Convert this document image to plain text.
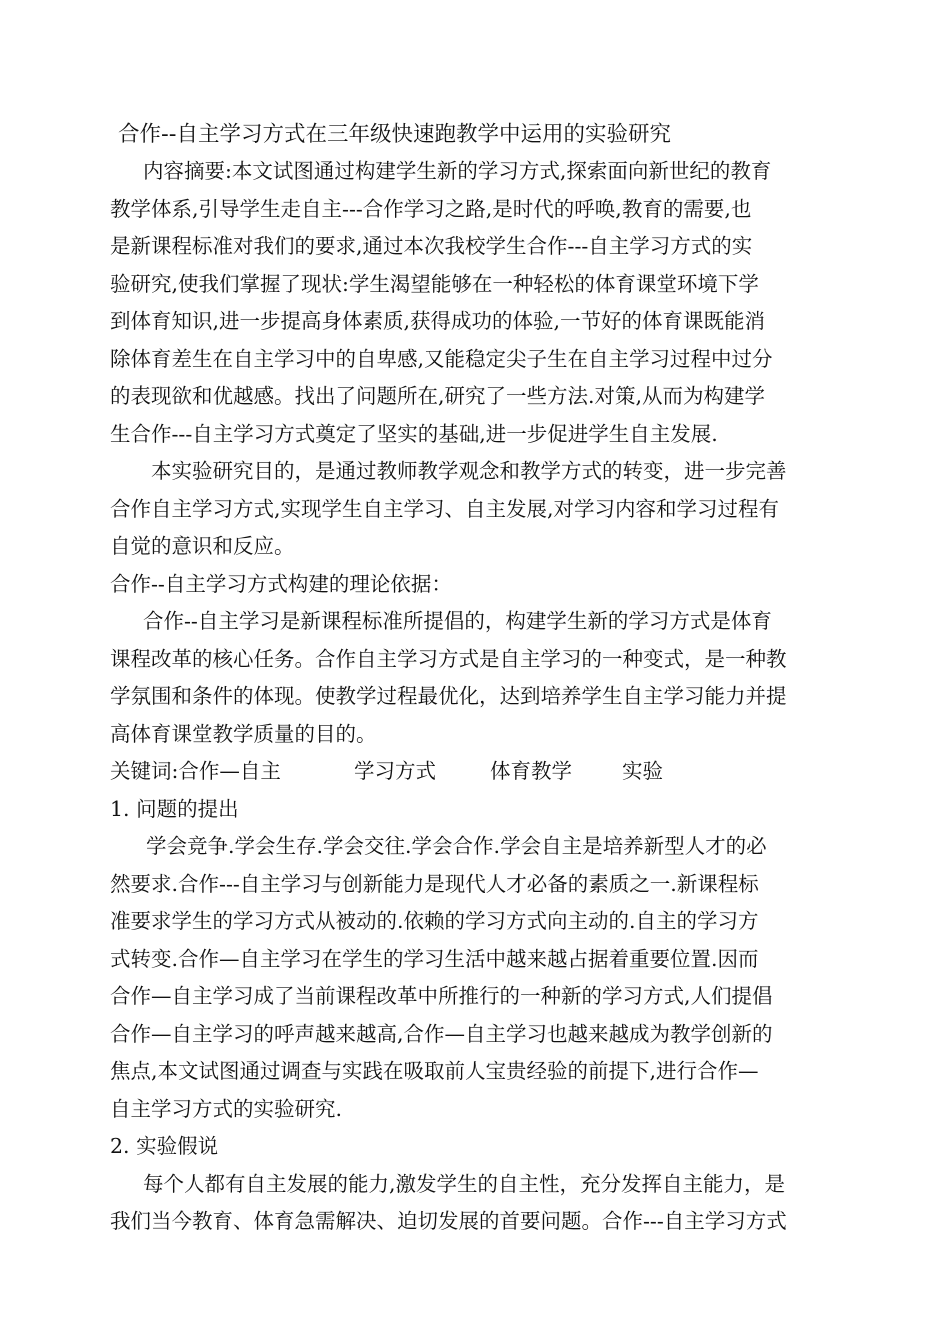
合作--自主学习方式在三年级快速跑教学中运用的实验研究
内容摘要:本文试图通过构建学生新的学习方式,探索面向新世纪的教育
教学体系,引导学生走自主---合作学习之路,是时代的呼唤,教育的需要,也
是新课程标准对我们的要求,通过本次我校学生合作---自主学习方式的实
验研究,使我们掌握了现状:学生渴望能够在一种轻松的体育课堂环境下学
到体育知识,进一步提高身体素质,获得成功的体验,一节好的体育课既能消
除体育差生在自主学习中的自卑感,又能稳定尖子生在自主学习过程中过分
的表现欲和优越感。找出了问题所在,研究了一些方法.对策,从而为构建学
生合作---自主学习方式奠定了坚实的基础,进一步促进学生自主发展.
本实验研究目的，是通过教师教学观念和教学方式的转变，进一步完善
合作自主学习方式,实现学生自主学习、自主发展,对学习内容和学习过程有
自觉的意识和反应。
合作--自主学习方式构建的理论依据：
合作--自主学习是新课程标准所提倡的，构建学生新的学习方式是体育
课程改革的核心任务。合作自主学习方式是自主学习的一种变式，是一种教
学氛围和条件的体现。使教学过程最优化，达到培养学生自主学习能力并提
高体育课堂教学质量的目的。
关键词:合作—自主	学习方式	体育教学 实验
1. 问题的提出
学会竞争.学会生存.学会交往.学会合作.学会自主是培养新型人才的必
然要求.合作---自主学习与创新能力是现代人才必备的素质之一.新课程标
准要求学生的学习方式从被动的.依赖的学习方式向主动的.自主的学习方
式转变.合作—自主学习在学生的学习生活中越来越占据着重要位置.因而
合作—自主学习成了当前课程改革中所推行的一种新的学习方式,人们提倡
合作—自主学习的呼声越来越高,合作—自主学习也越来越成为教学创新的
焦点,本文试图通过调查与实践在吸取前人宝贵经验的前提下,进行合作—
自主学习方式的实验研究.
2. 实验假说
每个人都有自主发展的能力,激发学生的自主性，充分发挥自主能力，是
我们当今教育、体育急需解决、迫切发展的首要问题。合作---自主学习方式
